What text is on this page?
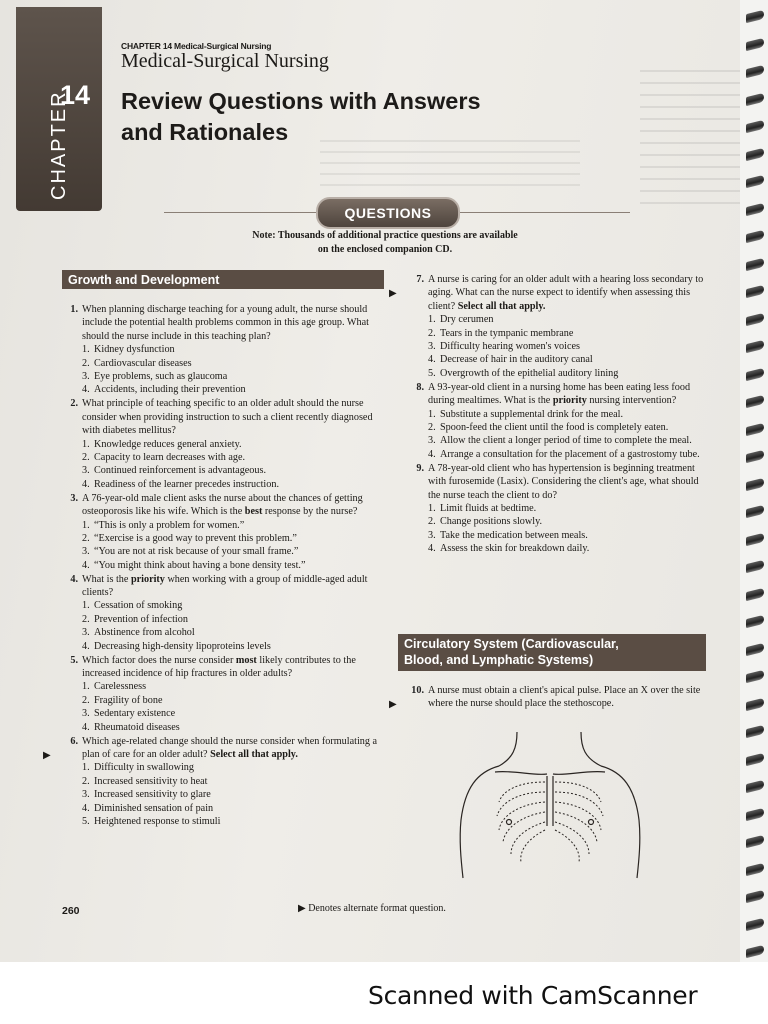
14
CHAPTER
CHAPTER 14 Medical-Surgical Nursing
Medical-Surgical Nursing
Review Questions with Answers
and Rationales
QUESTIONS
Note: Thousands of additional practice questions are available
on the enclosed companion CD.
Growth and Development
1. When planning discharge teaching for a young adult, the nurse should include the potential health problems common in this age group. What should the nurse include in this teaching plan?
1. Kidney dysfunction
2. Cardiovascular diseases
3. Eye problems, such as glaucoma
4. Accidents, including their prevention
2. What principle of teaching specific to an older adult should the nurse consider when providing instruction to such a client recently diagnosed with diabetes mellitus?
1. Knowledge reduces general anxiety.
2. Capacity to learn decreases with age.
3. Continued reinforcement is advantageous.
4. Readiness of the learner precedes instruction.
3. A 76-year-old male client asks the nurse about the chances of getting osteoporosis like his wife. Which is the best response by the nurse?
1. “This is only a problem for women.”
2. “Exercise is a good way to prevent this problem.”
3. “You are not at risk because of your small frame.”
4. “You might think about having a bone density test.”
4. What is the priority when working with a group of middle-aged adult clients?
1. Cessation of smoking
2. Prevention of infection
3. Abstinence from alcohol
4. Decreasing high-density lipoproteins levels
5. Which factor does the nurse consider most likely contributes to the increased incidence of hip fractures in older adults?
1. Carelessness
2. Fragility of bone
3. Sedentary existence
4. Rheumatoid diseases
6.
▶
Which age-related change should the nurse consider when formulating a plan of care for an older adult? Select all that apply.
1. Difficulty in swallowing
2. Increased sensitivity to heat
3. Increased sensitivity to glare
4. Diminished sensation of pain
5. Heightened response to stimuli
7.
▶
A nurse is caring for an older adult with a hearing loss secondary to aging. What can the nurse expect to identify when assessing this client? Select all that apply.
1. Dry cerumen
2. Tears in the tympanic membrane
3. Difficulty hearing women's voices
4. Decrease of hair in the auditory canal
5. Overgrowth of the epithelial auditory lining
8. A 93-year-old client in a nursing home has been eating less food during mealtimes. What is the priority nursing intervention?
1. Substitute a supplemental drink for the meal.
2. Spoon-feed the client until the food is completely eaten.
3. Allow the client a longer period of time to complete the meal.
4. Arrange a consultation for the placement of a gastrostomy tube.
9. A 78-year-old client who has hypertension is beginning treatment with furosemide (Lasix). Considering the client's age, what should the nurse teach the client to do?
1. Limit fluids at bedtime.
2. Change positions slowly.
3. Take the medication between meals.
4. Assess the skin for breakdown daily.
Circulatory System (Cardiovascular,
Blood, and Lymphatic Systems)
10.
▶
A nurse must obtain a client's apical pulse. Place an X over the site where the nurse should place the stethoscope.
260	▶ Denotes alternate format question.
Scanned with CamScanner
